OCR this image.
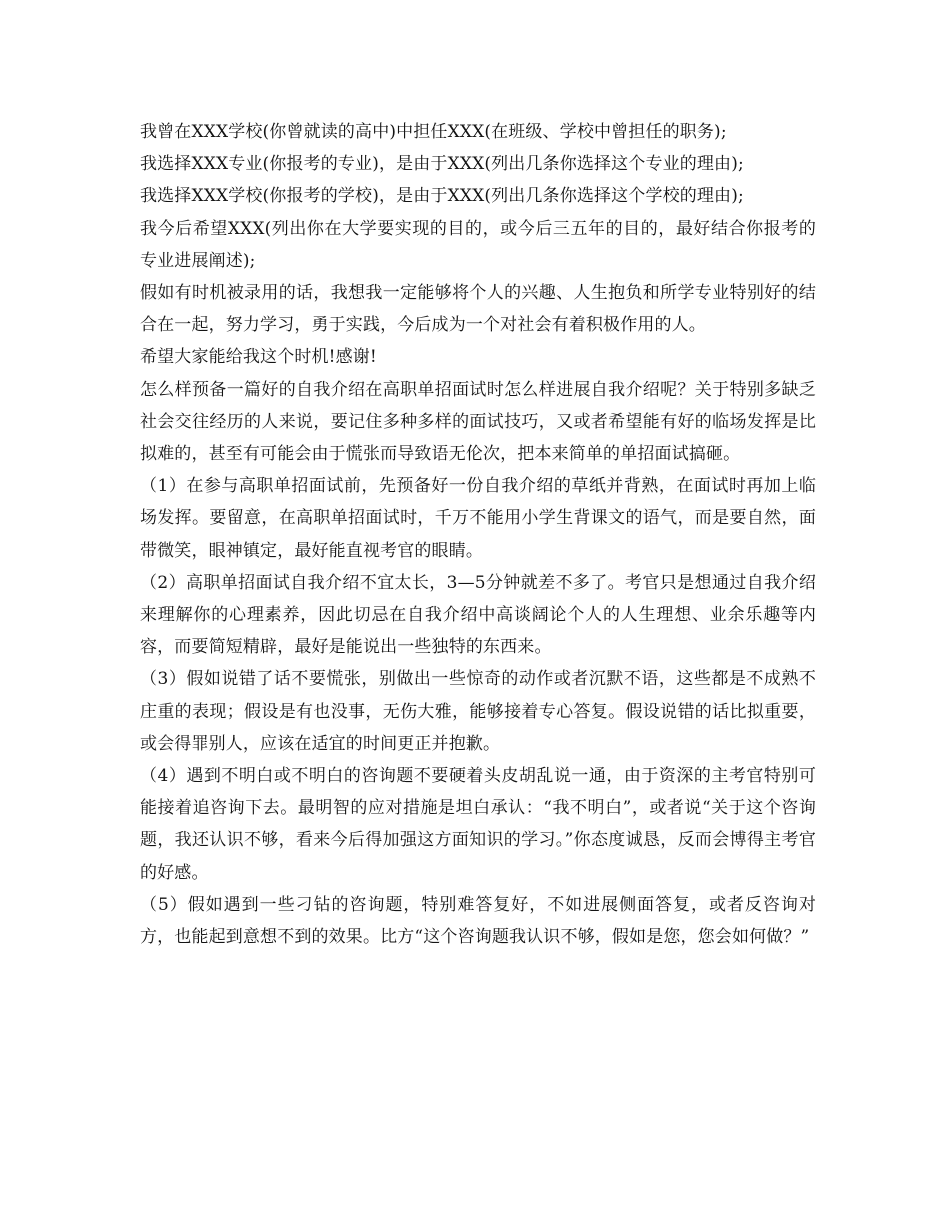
我曾在XXX学校(你曾就读的高中)中担任XXX(在班级、学校中曾担任的职务);

我选择XXX专业(你报考的专业)，是由于XXX(列出几条你选择这个专业的理由);

我选择XXX学校(你报考的学校)，是由于XXX(列出几条你选择这个学校的理由);

我今后希望XXX(列出你在大学要实现的目的，或今后三五年的目的，最好结合你报考的专业进展阐述);

假如有时机被录用的话，我想我一定能够将个人的兴趣、人生抱负和所学专业特别好的结合在一起，努力学习，勇于实践，今后成为一个对社会有着积极作用的人。

希望大家能给我这个时机!感谢!

怎么样预备一篇好的自我介绍在高职单招面试时怎么样进展自我介绍呢？关于特别多缺乏社会交往经历的人来说，要记住多种多样的面试技巧，又或者希望能有好的临场发挥是比拟难的，甚至有可能会由于慌张而导致语无伦次，把本来简单的单招面试搞砸。

（1）在参与高职单招面试前，先预备好一份自我介绍的草纸并背熟，在面试时再加上临场发挥。要留意，在高职单招面试时，千万不能用小学生背课文的语气，而是要自然，面带微笑，眼神镇定，最好能直视考官的眼睛。

（2）高职单招面试自我介绍不宜太长，3—5分钟就差不多了。考官只是想通过自我介绍来理解你的心理素养，因此切忌在自我介绍中高谈阔论个人的人生理想、业余乐趣等内容，而要简短精辟，最好是能说出一些独特的东西来。

（3）假如说错了话不要慌张，别做出一些惊奇的动作或者沉默不语，这些都是不成熟不庄重的表现；假设是有也没事，无伤大雅，能够接着专心答复。假设说错的话比拟重要，或会得罪别人，应该在适宜的时间更正并抱歉。

（4）遇到不明白或不明白的咨询题不要硬着头皮胡乱说一通，由于资深的主考官特别可能接着追咨询下去。最明智的应对措施是坦白承认：“我不明白”，或者说“关于这个咨询题，我还认识不够，看来今后得加强这方面知识的学习。”你态度诚恳，反而会博得主考官的好感。

（5）假如遇到一些刁钻的咨询题，特别难答复好，不如进展侧面答复，或者反咨询对方，也能起到意想不到的效果。比方“这个咨询题我认识不够，假如是您，您会如何做？”
